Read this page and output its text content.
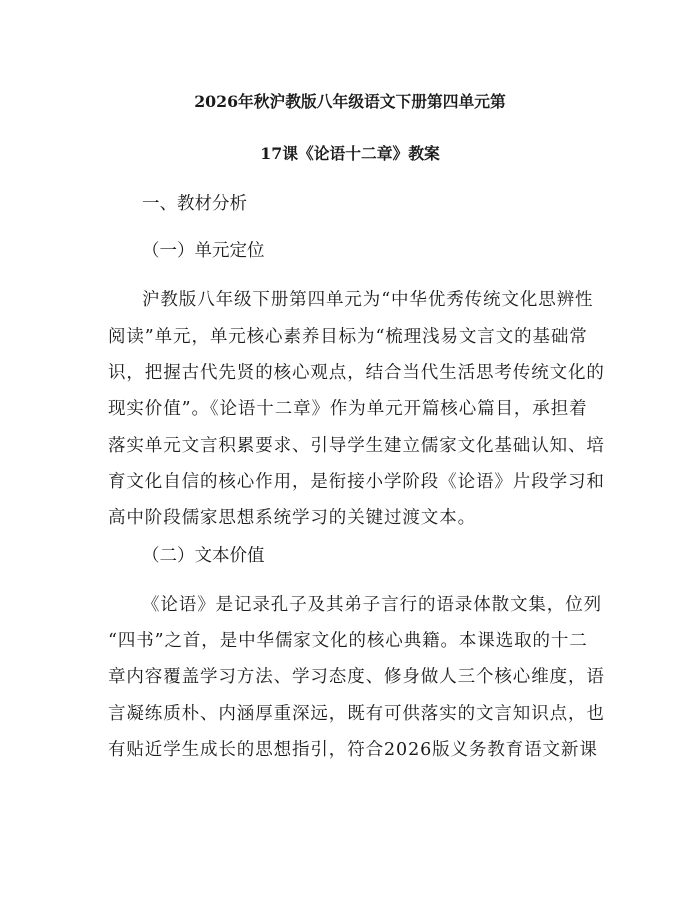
2026年秋沪教版八年级语文下册第四单元第
17课《论语十二章》教案
一、教材分析
（一）单元定位
沪教版八年级下册第四单元为“中华优秀传统文化思辨性
阅读”单元，单元核心素养目标为“梳理浅易文言文的基础常
识，把握古代先贤的核心观点，结合当代生活思考传统文化的
现实价值”。《论语十二章》作为单元开篇核心篇目，承担着
落实单元文言积累要求、引导学生建立儒家文化基础认知、培
育文化自信的核心作用，是衔接小学阶段《论语》片段学习和
高中阶段儒家思想系统学习的关键过渡文本。
（二）文本价值
《论语》是记录孔子及其弟子言行的语录体散文集，位列
“四书”之首，是中华儒家文化的核心典籍。本课选取的十二
章内容覆盖学习方法、学习态度、修身做人三个核心维度，语
言凝练质朴、内涵厚重深远，既有可供落实的文言知识点，也
有贴近学生成长的思想指引，符合2026版义务教育语文新课
